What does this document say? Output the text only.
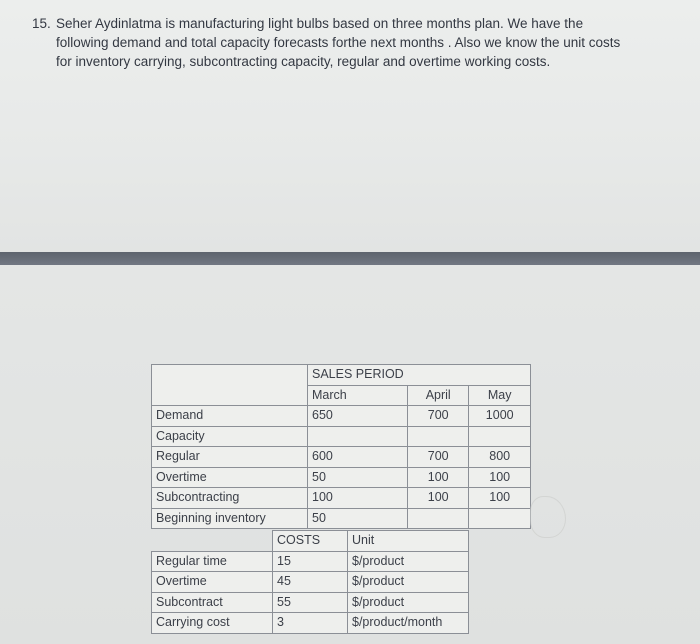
15. Seher Aydinlatma is manufacturing light bulbs based on three months plan. We have the
following demand and total capacity forecasts forthe next months . Also we know the unit costs
for inventory carrying, subcontracting capacity, regular and overtime working costs.
	SALES PERIOD		
	March	April	May
Demand	650	700	1000
Capacity			
Regular	600	700	800
Overtime	50	100	100
Subcontracting	100	100	100
Beginning inventory	50		
	COSTS	Unit
Regular time	15	$/product
Overtime	45	$/product
Subcontract	55	$/product
Carrying cost	3	$/product/month
